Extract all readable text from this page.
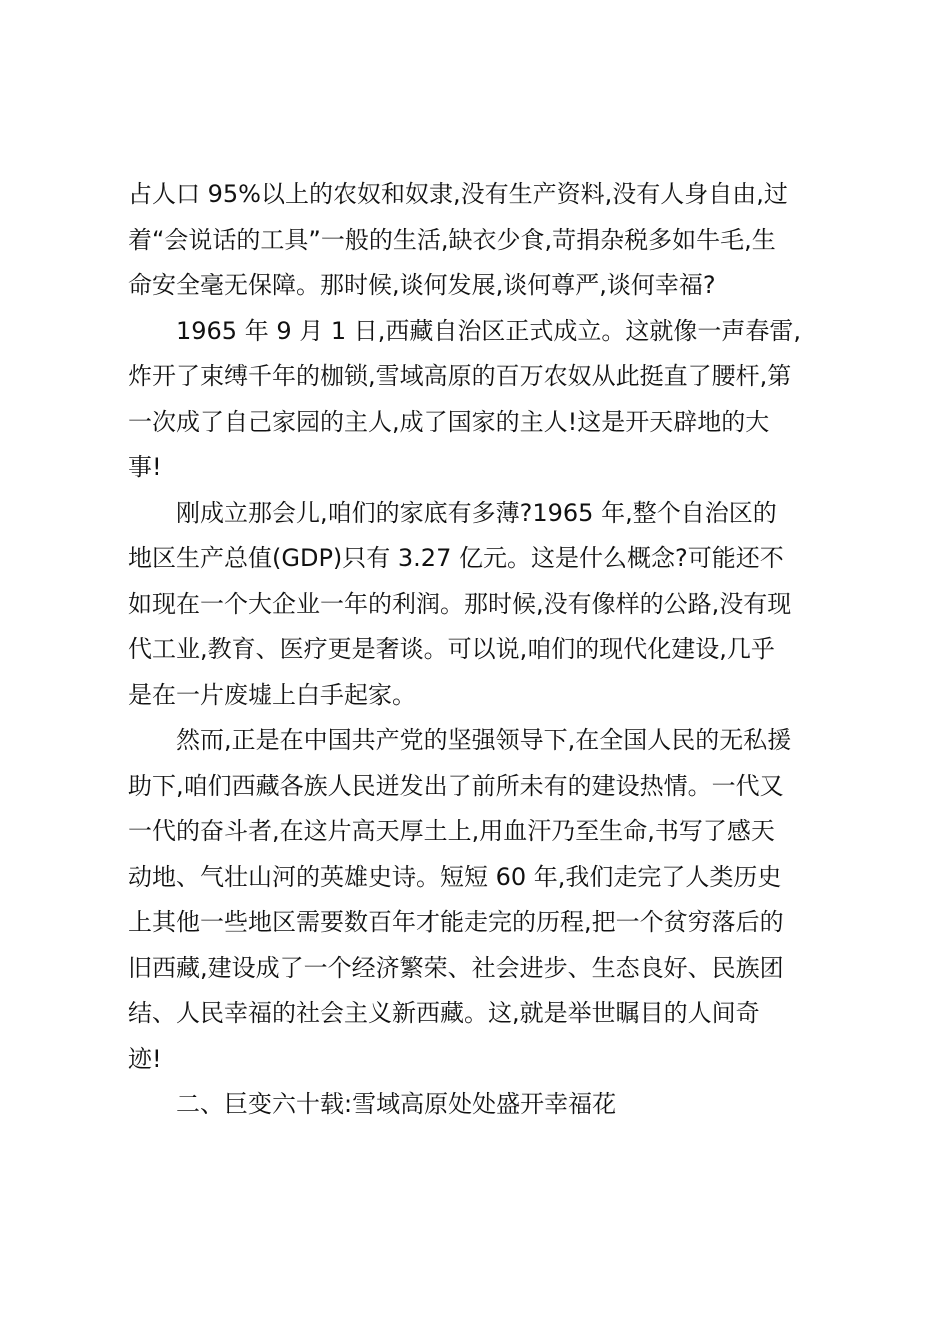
占人口 95%以上的农奴和奴隶,没有生产资料,没有人身自由,过
着“会说话的工具”一般的生活,缺衣少食,苛捐杂税多如牛毛,生
命安全毫无保障。那时候,谈何发展,谈何尊严,谈何幸福?
1965 年 9 月 1 日,西藏自治区正式成立。这就像一声春雷,
炸开了束缚千年的枷锁,雪域高原的百万农奴从此挺直了腰杆,第
一次成了自己家园的主人,成了国家的主人!这是开天辟地的大
事!
刚成立那会儿,咱们的家底有多薄?1965 年,整个自治区的
地区生产总值(GDP)只有 3.27 亿元。这是什么概念?可能还不
如现在一个大企业一年的利润。那时候,没有像样的公路,没有现
代工业,教育、医疗更是奢谈。可以说,咱们的现代化建设,几乎
是在一片废墟上白手起家。
然而,正是在中国共产党的坚强领导下,在全国人民的无私援
助下,咱们西藏各族人民迸发出了前所未有的建设热情。一代又
一代的奋斗者,在这片高天厚土上,用血汗乃至生命,书写了感天
动地、气壮山河的英雄史诗。短短 60 年,我们走完了人类历史
上其他一些地区需要数百年才能走完的历程,把一个贫穷落后的
旧西藏,建设成了一个经济繁荣、社会进步、生态良好、民族团
结、人民幸福的社会主义新西藏。这,就是举世瞩目的人间奇
迹!
二、巨变六十载:雪域高原处处盛开幸福花
